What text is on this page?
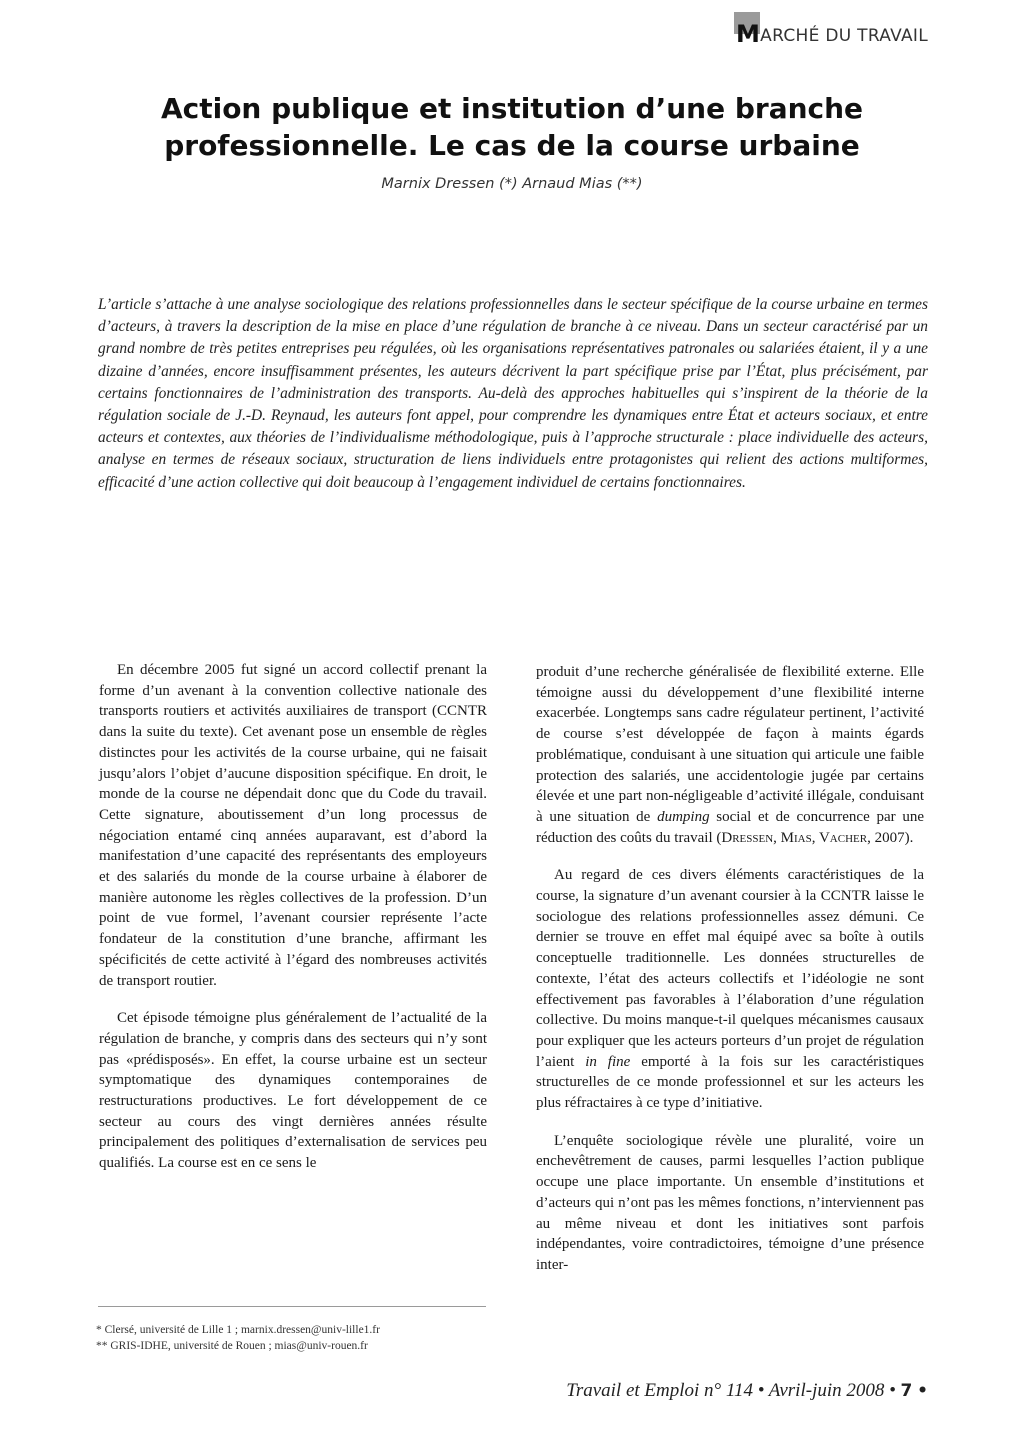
M ARCHÉ DU TRAVAIL
Action publique et institution d’une branche professionnelle. Le cas de la course urbaine
Marnix Dressen (*) Arnaud Mias (**)

L’article s’attache à une analyse sociologique des relations professionnelles dans le secteur spécifique de la course urbaine en termes d’acteurs, à travers la description de la mise en place d’une régulation de branche à ce niveau. Dans un secteur caractérisé par un grand nombre de très petites entreprises peu régulées, où les organisations représentatives patronales ou salariées étaient, il y a une dizaine d’années, encore insuffisamment présentes, les auteurs décrivent la part spécifique prise par l’État, plus précisément, par certains fonctionnaires de l’administration des transports. Au-delà des approches habituelles qui s’inspirent de la théorie de la régulation sociale de J.-D. Reynaud, les auteurs font appel, pour comprendre les dynamiques entre État et acteurs sociaux, et entre acteurs et contextes, aux théories de l’individualisme méthodologique, puis à l’approche structurale : place individuelle des acteurs, analyse en termes de réseaux sociaux, structuration de liens individuels entre protagonistes qui relient des actions multiformes, efficacité d’une action collective qui doit beaucoup à l’engagement individuel de certains fonctionnaires.

En décembre 2005 fut signé un accord collectif prenant la forme d’un avenant à la convention collective nationale des transports routiers et activités auxiliaires de transport (CCNTR dans la suite du texte). Cet avenant pose un ensemble de règles distinctes pour les activités de la course urbaine, qui ne faisait jusqu’alors l’objet d’aucune disposition spécifique. En droit, le monde de la course ne dépendait donc que du Code du travail. Cette signature, aboutissement d’un long processus de négociation entamé cinq années auparavant, est d’abord la manifestation d’une capacité des représentants des employeurs et des salariés du monde de la course urbaine à élaborer de manière autonome les règles collectives de la profession. D’un point de vue formel, l’avenant coursier représente l’acte fondateur de la constitution d’une branche, affirmant les spécificités de cette activité à l’égard des nombreuses activités de transport routier.

Cet épisode témoigne plus généralement de l’actualité de la régulation de branche, y compris dans des secteurs qui n’y sont pas «prédisposés». En effet, la course urbaine est un secteur symptomatique des dynamiques contemporaines de restructurations productives. Le fort développement de ce secteur au cours des vingt dernières années résulte principalement des politiques d’externalisation de services peu qualifiés. La course est en ce sens le

produit d’une recherche généralisée de flexibilité externe. Elle témoigne aussi du développement d’une flexibilité interne exacerbée. Longtemps sans cadre régulateur pertinent, l’activité de course s’est développée de façon à maints égards problématique, conduisant à une situation qui articule une faible protection des salariés, une accidentologie jugée par certains élevée et une part non-négligeable d’activité illégale, conduisant à une situation de dumping social et de concurrence par une réduction des coûts du travail (Dressen, Mias, Vacher, 2007).

Au regard de ces divers éléments caractéristiques de la course, la signature d’un avenant coursier à la CCNTR laisse le sociologue des relations professionnelles assez démuni. Ce dernier se trouve en effet mal équipé avec sa boîte à outils conceptuelle traditionnelle. Les données structurelles de contexte, l’état des acteurs collectifs et l’idéologie ne sont effectivement pas favorables à l’élaboration d’une régulation collective. Du moins manque-t-il quelques mécanismes causaux pour expliquer que les acteurs porteurs d’un projet de régulation l’aient in fine emporté à la fois sur les caractéristiques structurelles de ce monde professionnel et sur les acteurs les plus réfractaires à ce type d’initiative.

L’enquête sociologique révèle une pluralité, voire un enchevêtrement de causes, parmi lesquelles l’action publique occupe une place importante. Un ensemble d’institutions et d’acteurs qui n’ont pas les mêmes fonctions, n’interviennent pas au même niveau et dont les initiatives sont parfois indépendantes, voire contradictoires, témoigne d’une présence inter-

* Clersé, université de Lille 1 ; marnix.dressen@univ-lille1.fr
** GRIS-IDHE, université de Rouen ; mias@univ-rouen.fr
Travail et Emploi n° 114 • Avril-juin 2008 • 7 •
